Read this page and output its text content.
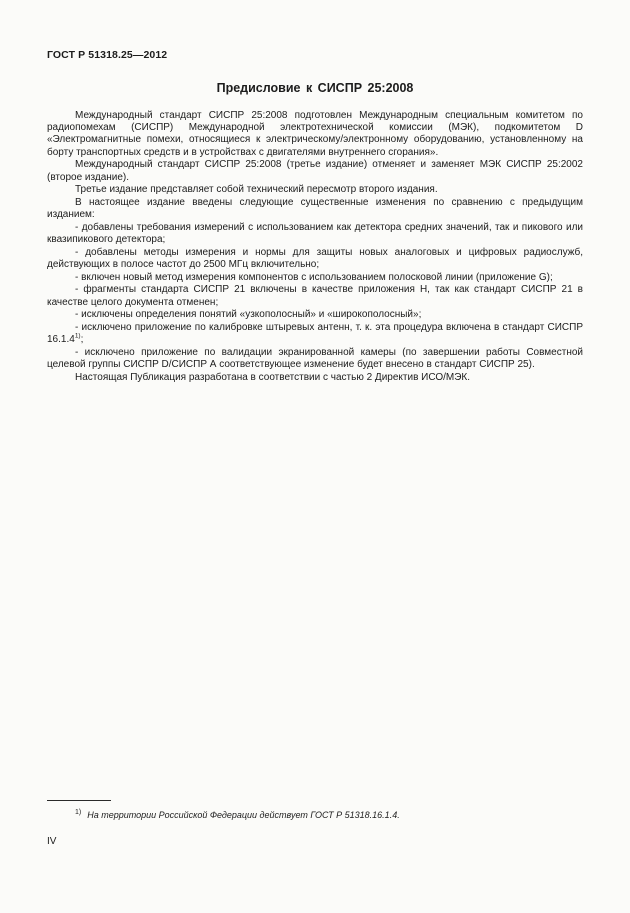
ГОСТ Р 51318.25—2012
Предисловие к СИСПР 25:2008

Международный стандарт СИСПР 25:2008 подготовлен Международным специальным комитетом по радиопомехам (СИСПР) Международной электротехнической комиссии (МЭК), подкомитетом D «Электромагнитные помехи, относящиеся к электрическому/электронному оборудованию, установленному на борту транспортных средств и в устройствах с двигателями внутреннего сгорания».

Международный стандарт СИСПР 25:2008 (третье издание) отменяет и заменяет МЭК СИСПР 25:2002 (второе издание).

Третье издание представляет собой технический пересмотр второго издания.

В настоящее издание введены следующие существенные изменения по сравнению с предыдущим изданием:

- добавлены требования измерений с использованием как детектора средних значений, так и пикового или квазипикового детектора;

- добавлены методы измерения и нормы для защиты новых аналоговых и цифровых радиослужб, действующих в полосе частот до 2500 МГц включительно;

- включен новый метод измерения компонентов с использованием полосковой линии (приложение G);

- фрагменты стандарта СИСПР 21 включены в качестве приложения H, так как стандарт СИСПР 21 в качестве целого документа отменен;

- исключены определения понятий «узкополосный» и «широкополосный»;

- исключено приложение по калибровке штыревых антенн, т. к. эта процедура включена в стандарт СИСПР 16.1.4$^{1)}$;

- исключено приложение по валидации экранированной камеры (по завершении работы Совместной целевой группы СИСПР D/СИСПР А соответствующее изменение будет внесено в стандарт СИСПР 25).

Настоящая Публикация разработана в соответствии с частью 2 Директив ИСО/МЭК.

$^{1)}$ На территории Российской Федерации действует ГОСТ Р 51318.16.1.4.
IV
